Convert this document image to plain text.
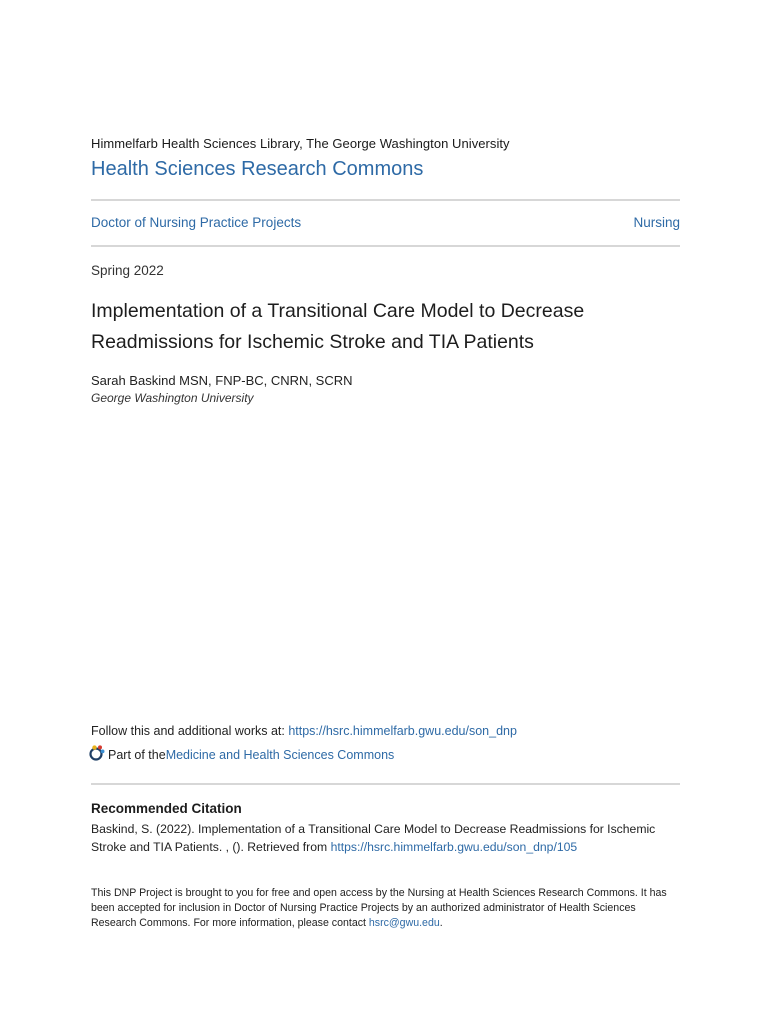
Himmelfarb Health Sciences Library, The George Washington University
Health Sciences Research Commons
Doctor of Nursing Practice Projects	Nursing
Spring 2022
Implementation of a Transitional Care Model to Decrease Readmissions for Ischemic Stroke and TIA Patients
Sarah Baskind MSN, FNP-BC, CNRN, SCRN
George Washington University
Follow this and additional works at: https://hsrc.himmelfarb.gwu.edu/son_dnp
Part of the Medicine and Health Sciences Commons
Recommended Citation
Baskind, S. (2022). Implementation of a Transitional Care Model to Decrease Readmissions for Ischemic Stroke and TIA Patients. , (). Retrieved from https://hsrc.himmelfarb.gwu.edu/son_dnp/105
This DNP Project is brought to you for free and open access by the Nursing at Health Sciences Research Commons. It has been accepted for inclusion in Doctor of Nursing Practice Projects by an authorized administrator of Health Sciences Research Commons. For more information, please contact hsrc@gwu.edu.
